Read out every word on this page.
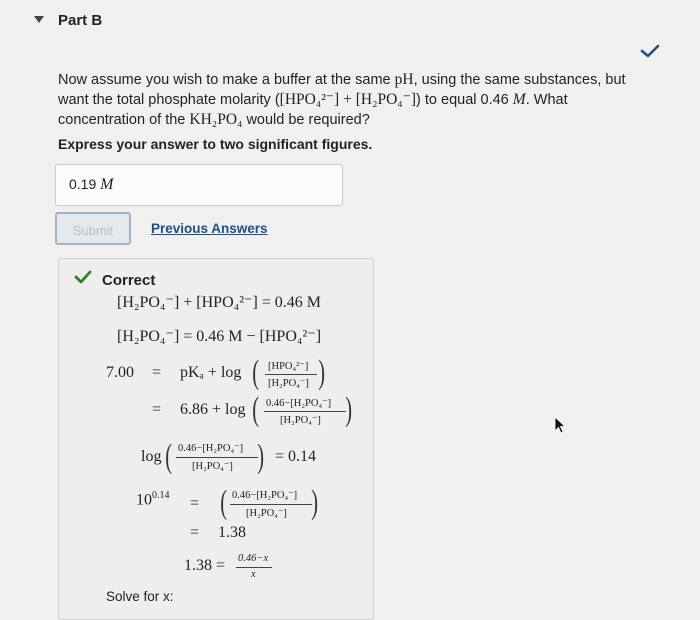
Part B
Now assume you wish to make a buffer at the same pH, using the same substances, but want the total phosphate molarity ([HPO₄²⁻] + [H₂PO₄⁻]) to equal 0.46 M. What concentration of the KH₂PO₄ would be required?
Express your answer to two significant figures.
0.19 M
Submit	Previous Answers
Correct
[H₂PO₄⁻] + [HPO₄²⁻] = 0.46 M
[H₂PO₄⁻] = 0.46 M − [HPO₄²⁻]
7.00 = pKₐ + log ( [HPO₄²⁻]
[H₂PO₄⁻] )
= 6.86 + log ( 0.46−[H₂PO₄⁻]
[H₂PO₄⁻] )
log ( 0.46−[H₂PO₄⁻]
[H₂PO₄⁻] ) = 0.14
$10^{0.14}$ = ( 0.46−[H₂PO₄⁻]
[H₂PO₄⁻] )
= 1.38
1.38 = 0.46−x
x
Solve for x:
